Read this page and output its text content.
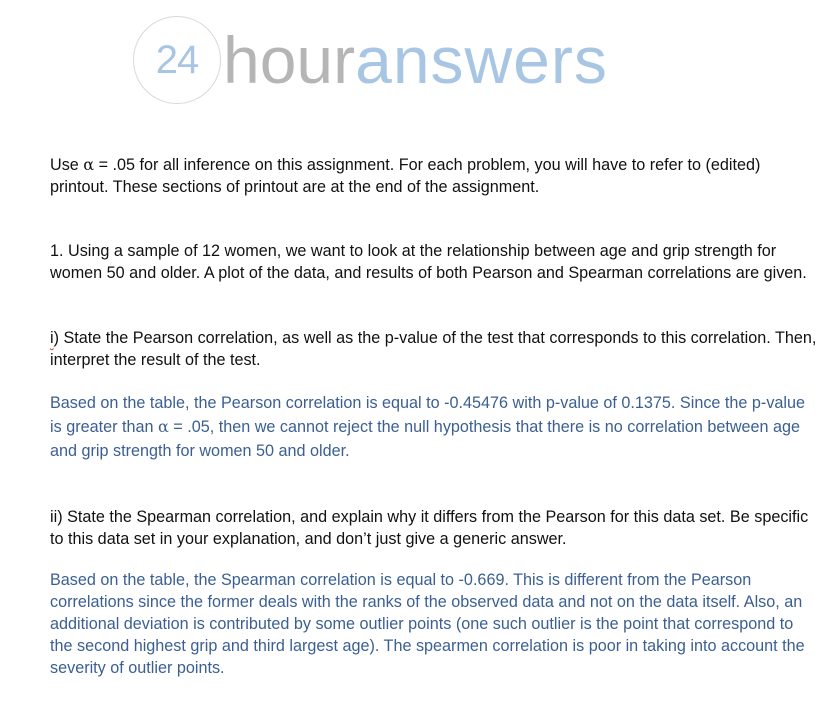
24 hour answers

Use α = .05 for all inference on this assignment. For each problem, you will have to refer to (edited) printout. These sections of printout are at the end of the assignment.

1. Using a sample of 12 women, we want to look at the relationship between age and grip strength for women 50 and older. A plot of the data, and results of both Pearson and Spearman correlations are given.

i) State the Pearson correlation, as well as the p-value of the test that corresponds to this correlation. Then, interpret the result of the test.

Based on the table, the Pearson correlation is equal to -0.45476 with p-value of 0.1375. Since the p-value is greater than α = .05, then we cannot reject the null hypothesis that there is no correlation between age and grip strength for women 50 and older.

ii) State the Spearman correlation, and explain why it differs from the Pearson for this data set. Be specific to this data set in your explanation, and don’t just give a generic answer.

Based on the table, the Spearman correlation is equal to -0.669. This is different from the Pearson correlations since the former deals with the ranks of the observed data and not on the data itself. Also, an additional deviation is contributed by some outlier points (one such outlier is the point that correspond to the second highest grip and third largest age). The spearmen correlation is poor in taking into account the severity of outlier points.
